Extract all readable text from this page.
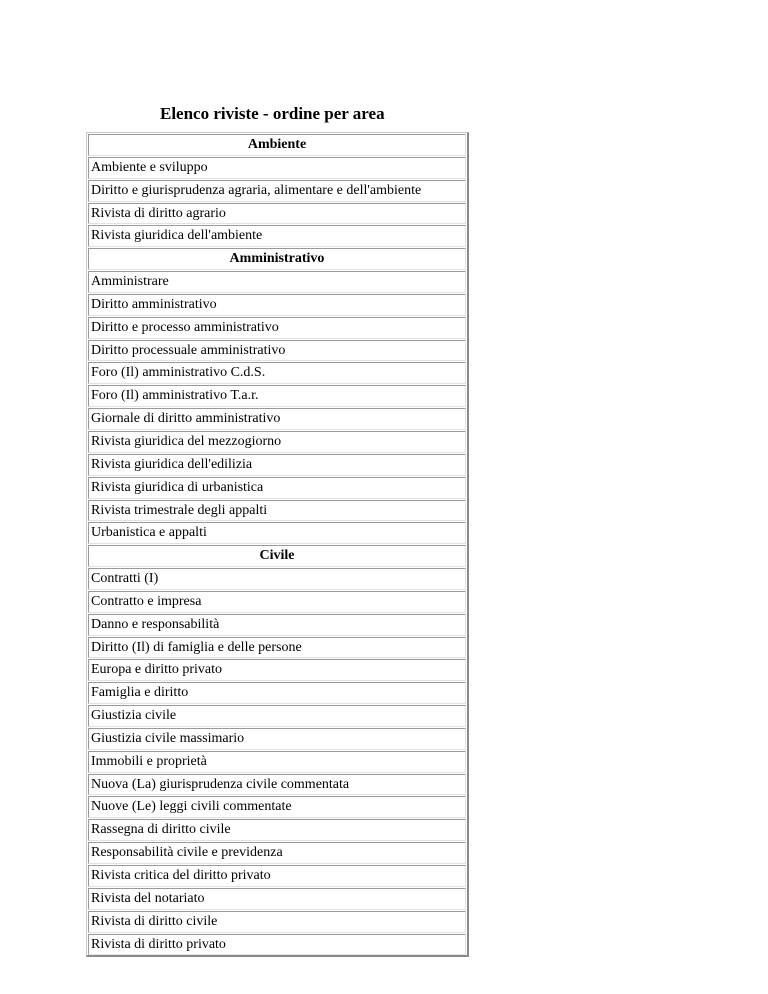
Elenco riviste - ordine per area
Ambiente
Ambiente e sviluppo
Diritto e giurisprudenza agraria, alimentare e dell'ambiente
Rivista di diritto agrario
Rivista giuridica dell'ambiente
Amministrativo
Amministrare
Diritto amministrativo
Diritto e processo amministrativo
Diritto processuale amministrativo
Foro (Il) amministrativo C.d.S.
Foro (Il) amministrativo T.a.r.
Giornale di diritto amministrativo
Rivista giuridica del mezzogiorno
Rivista giuridica dell'edilizia
Rivista giuridica di urbanistica
Rivista trimestrale degli appalti
Urbanistica e appalti
Civile
Contratti (I)
Contratto e impresa
Danno e responsabilità
Diritto (Il) di famiglia e delle persone
Europa e diritto privato
Famiglia e diritto
Giustizia civile
Giustizia civile massimario
Immobili e proprietà
Nuova (La) giurisprudenza civile commentata
Nuove (Le) leggi civili commentate
Rassegna di diritto civile
Responsabilità civile e previdenza
Rivista critica del diritto privato
Rivista del notariato
Rivista di diritto civile
Rivista di diritto privato
